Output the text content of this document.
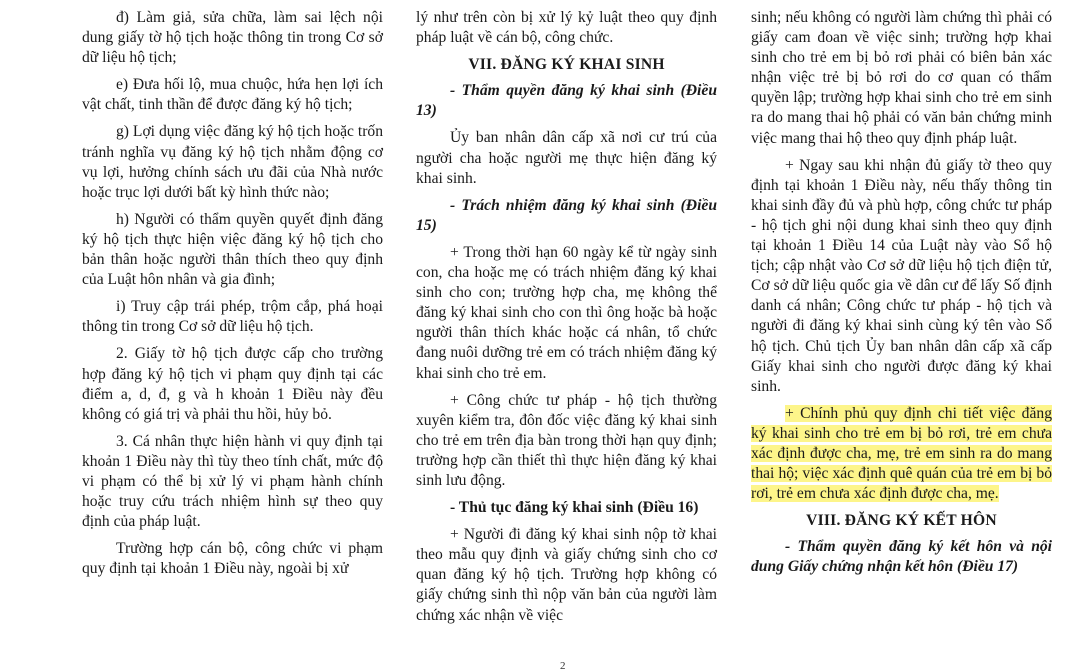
đ) Làm giả, sửa chữa, làm sai lệch nội dung giấy tờ hộ tịch hoặc thông tin trong Cơ sở dữ liệu hộ tịch;

e) Đưa hối lộ, mua chuộc, hứa hẹn lợi ích vật chất, tinh thần để được đăng ký hộ tịch;

g) Lợi dụng việc đăng ký hộ tịch hoặc trốn tránh nghĩa vụ đăng ký hộ tịch nhằm động cơ vụ lợi, hưởng chính sách ưu đãi của Nhà nước hoặc trục lợi dưới bất kỳ hình thức nào;

h) Người có thẩm quyền quyết định đăng ký hộ tịch thực hiện việc đăng ký hộ tịch cho bản thân hoặc người thân thích theo quy định của Luật hôn nhân và gia đình;

i) Truy cập trái phép, trộm cắp, phá hoại thông tin trong Cơ sở dữ liệu hộ tịch.

2. Giấy tờ hộ tịch được cấp cho trường hợp đăng ký hộ tịch vi phạm quy định tại các điểm a, d, đ, g và h khoản 1 Điều này đều không có giá trị và phải thu hồi, hủy bỏ.

3. Cá nhân thực hiện hành vi quy định tại khoản 1 Điều này thì tùy theo tính chất, mức độ vi phạm có thể bị xử lý vi phạm hành chính hoặc truy cứu trách nhiệm hình sự theo quy định của pháp luật.

Trường hợp cán bộ, công chức vi phạm quy định tại khoản 1 Điều này, ngoài bị xử

lý như trên còn bị xử lý kỷ luật theo quy định pháp luật về cán bộ, công chức.

VII. ĐĂNG KÝ KHAI SINH

- Thẩm quyền đăng ký khai sinh (Điều 13)

Ủy ban nhân dân cấp xã nơi cư trú của người cha hoặc người mẹ thực hiện đăng ký khai sinh.

- Trách nhiệm đăng ký khai sinh (Điều 15)

+ Trong thời hạn 60 ngày kể từ ngày sinh con, cha hoặc mẹ có trách nhiệm đăng ký khai sinh cho con; trường hợp cha, mẹ không thể đăng ký khai sinh cho con thì ông hoặc bà hoặc người thân thích khác hoặc cá nhân, tổ chức đang nuôi dưỡng trẻ em có trách nhiệm đăng ký khai sinh cho trẻ em.

+ Công chức tư pháp - hộ tịch thường xuyên kiểm tra, đôn đốc việc đăng ký khai sinh cho trẻ em trên địa bàn trong thời hạn quy định; trường hợp cần thiết thì thực hiện đăng ký khai sinh lưu động.

- Thủ tục đăng ký khai sinh (Điều 16)

+ Người đi đăng ký khai sinh nộp tờ khai theo mẫu quy định và giấy chứng sinh cho cơ quan đăng ký hộ tịch. Trường hợp không có giấy chứng sinh thì nộp văn bản của người làm chứng xác nhận về việc

sinh; nếu không có người làm chứng thì phải có giấy cam đoan về việc sinh; trường hợp khai sinh cho trẻ em bị bỏ rơi phải có biên bản xác nhận việc trẻ bị bỏ rơi do cơ quan có thẩm quyền lập; trường hợp khai sinh cho trẻ em sinh ra do mang thai hộ phải có văn bản chứng minh việc mang thai hộ theo quy định pháp luật.

+ Ngay sau khi nhận đủ giấy tờ theo quy định tại khoản 1 Điều này, nếu thấy thông tin khai sinh đầy đủ và phù hợp, công chức tư pháp - hộ tịch ghi nội dung khai sinh theo quy định tại khoản 1 Điều 14 của Luật này vào Sổ hộ tịch; cập nhật vào Cơ sở dữ liệu hộ tịch điện tử, Cơ sở dữ liệu quốc gia về dân cư để lấy Số định danh cá nhân; Công chức tư pháp - hộ tịch và người đi đăng ký khai sinh cùng ký tên vào Sổ hộ tịch. Chủ tịch Ủy ban nhân dân cấp xã cấp Giấy khai sinh cho người được đăng ký khai sinh.

+ Chính phủ quy định chi tiết việc đăng ký khai sinh cho trẻ em bị bỏ rơi, trẻ em chưa xác định được cha, mẹ, trẻ em sinh ra do mang thai hộ; việc xác định quê quán của trẻ em bị bỏ rơi, trẻ em chưa xác định được cha, mẹ.

VIII. ĐĂNG KÝ KẾT HÔN

- Thẩm quyền đăng ký kết hôn và nội dung Giấy chứng nhận kết hôn (Điều 17)

2
